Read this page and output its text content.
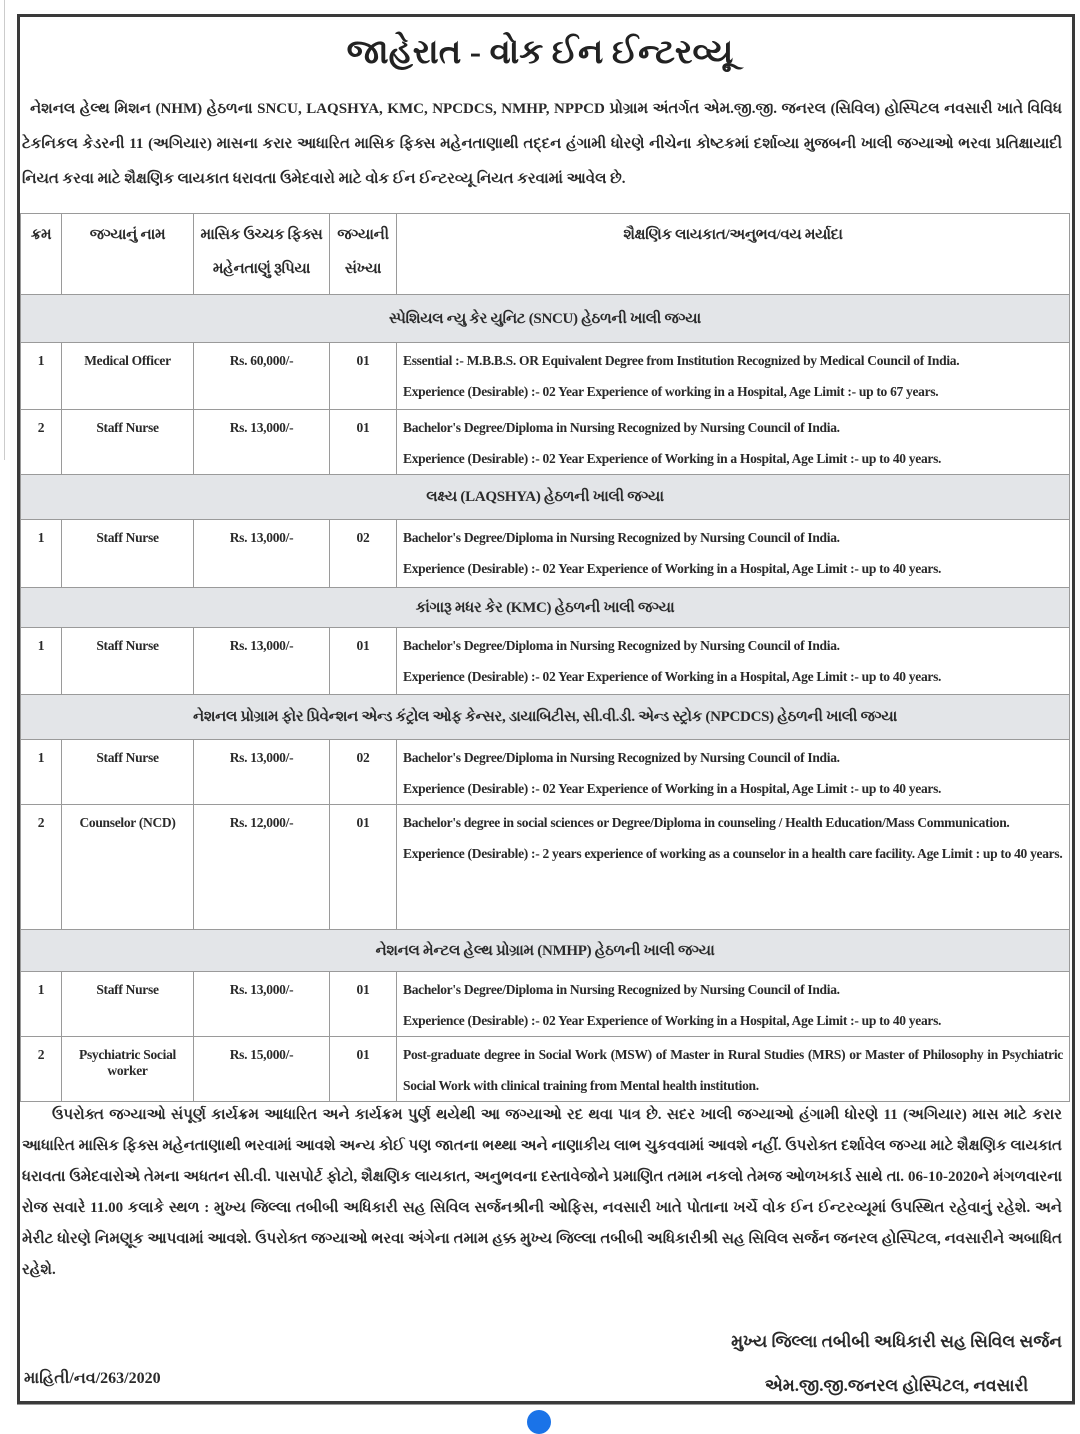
જાહેરાત - વોક ઈન ઈન્ટરવ્યૂ
નેશનલ હેલ્થ મિશન (NHM) હેઠળના SNCU, LAQSHYA, KMC, NPCDCS, NMHP, NPPCD પ્રોગ્રામ અંતર્ગત એમ.જી.જી. જનરલ (સિવિલ) હોસ્પિટલ નવસારી ખાતે વિવિધ ટેકનિકલ કેડરની 11 (અગિયાર) માસના કરાર આધારિત માસિક ફિક્સ મહેનતાણાથી તદ્દન હંગામી ધોરણે નીચેના કોષ્ટકમાં દર્શાવ્યા મુજબની ખાલી જગ્યાઓ ભરવા પ્રતિક્ષાયાદી નિયત કરવા માટે શૈક્ષણિક લાયકાત ધરાવતા ઉમેદવારો માટે વોક ઈન ઈન્ટરવ્યૂ નિયત કરવામાં આવેલ છે.
ક્રમ	જગ્યાનું નામ	માસિક ઉચ્ચક ફિક્સ મહેનતાણું રૂપિયા	જગ્યાની સંખ્યા	શૈક્ષણિક લાયકાત/અનુભવ/વય મર્યાદા
સ્પેશિયલ ન્યુ કેર યુનિટ (SNCU) હેઠળની ખાલી જગ્યા				
1	Medical Officer	Rs. 60,000/-	01	Essential :- M.B.B.S. OR Equivalent Degree from Institution Recognized by Medical Council of India.
Experience (Desirable) :- 02 Year Experience of working in a Hospital, Age Limit :- up to 67 years.

2	Staff Nurse	Rs. 13,000/-	01	Bachelor's Degree/Diploma in Nursing Recognized by Nursing Council of India.
Experience (Desirable) :- 02 Year Experience of Working in a Hospital, Age Limit :- up to 40 years.

લક્ષ્ય (LAQSHYA) હેઠળની ખાલી જગ્યા				
1	Staff Nurse	Rs. 13,000/-	02	Bachelor's Degree/Diploma in Nursing Recognized by Nursing Council of India.
Experience (Desirable) :- 02 Year Experience of Working in a Hospital, Age Limit :- up to 40 years.

કાંગારૂ મધર કેર (KMC) હેઠળની ખાલી જગ્યા				
1	Staff Nurse	Rs. 13,000/-	01	Bachelor's Degree/Diploma in Nursing Recognized by Nursing Council of India.
Experience (Desirable) :- 02 Year Experience of Working in a Hospital, Age Limit :- up to 40 years.

નેશનલ પ્રોગ્રામ ફોર પ્રિવેન્શન એન્ડ કંટ્રોલ ઓફ કેન્સર, ડાયાબિટીસ, સી.વી.ડી. એન્ડ સ્ટ્રોક (NPCDCS) હેઠળની ખાલી જગ્યા				
1	Staff Nurse	Rs. 13,000/-	02	Bachelor's Degree/Diploma in Nursing Recognized by Nursing Council of India.
Experience (Desirable) :- 02 Year Experience of Working in a Hospital, Age Limit :- up to 40 years.

2	Counselor (NCD)	Rs. 12,000/-	01	Bachelor's degree in social sciences or Degree/Diploma in counseling / Health Education/Mass Communication.
Experience (Desirable) :- 2 years experience of working as a counselor in a health care facility. Age Limit : up to 40 years.

નેશનલ મેન્ટલ હેલ્થ પ્રોગ્રામ (NMHP) હેઠળની ખાલી જગ્યા				
1	Staff Nurse	Rs. 13,000/-	01	Bachelor's Degree/Diploma in Nursing Recognized by Nursing Council of India.
Experience (Desirable) :- 02 Year Experience of Working in a Hospital, Age Limit :- up to 40 years.

2	Psychiatric Social worker	Rs. 15,000/-	01	Post-graduate degree in Social Work (MSW) of Master in Rural Studies (MRS) or Master of Philosophy in Psychiatric Social Work with clinical training from Mental health institution.
ઉપરોક્ત જગ્યાઓ સંપૂર્ણ કાર્યક્રમ આધારિત અને કાર્યક્રમ પુર્ણ થયેથી આ જગ્યાઓ રદ થવા પાત્ર છે. સદર ખાલી જગ્યાઓ હંગામી ધોરણે 11 (અગિયાર) માસ માટે કરાર આધારિત માસિક ફિક્સ મહેનતાણાથી ભરવામાં આવશે અન્ય કોઈ પણ જાતના ભથ્થા અને નાણાકીય લાભ ચુકવવામાં આવશે નહીં. ઉપરોક્ત દર્શાવેલ જગ્યા માટે શૈક્ષણિક લાયકાત ધરાવતા ઉમેદવારોએ તેમના અધતન સી.વી. પાસપોર્ટ ફોટો, શૈક્ષણિક લાયકાત, અનુભવના દસ્તાવેજોને પ્રમાણિત તમામ નકલો તેમજ ઓળખકાર્ડ સાથે તા. 06-10-2020ને મંગળવારના રોજ સવારે 11.00 કલાકે સ્થળ : મુખ્ય જિલ્લા તબીબી અધિકારી સહ સિવિલ સર્જનશ્રીની ઓફિસ, નવસારી ખાતે પોતાના ખર્ચે વોક ઈન ઈન્ટરવ્યૂમાં ઉપસ્થિત રહેવાનું રહેશે. અને મેરીટ ધોરણે નિમણૂક આપવામાં આવશે. ઉપરોક્ત જગ્યાઓ ભરવા અંગેના તમામ હક્ક મુખ્ય જિલ્લા તબીબી અધિકારીશ્રી સહ સિવિલ સર્જન જનરલ હોસ્પિટલ, નવસારીને અબાધિત રહેશે.
મુખ્ય જિલ્લા તબીબી અધિકારી સહ સિવિલ સર્જન
એમ.જી.જી.જનરલ હોસ્પિટલ, નવસારી
માહિતી/નવ/263/2020
